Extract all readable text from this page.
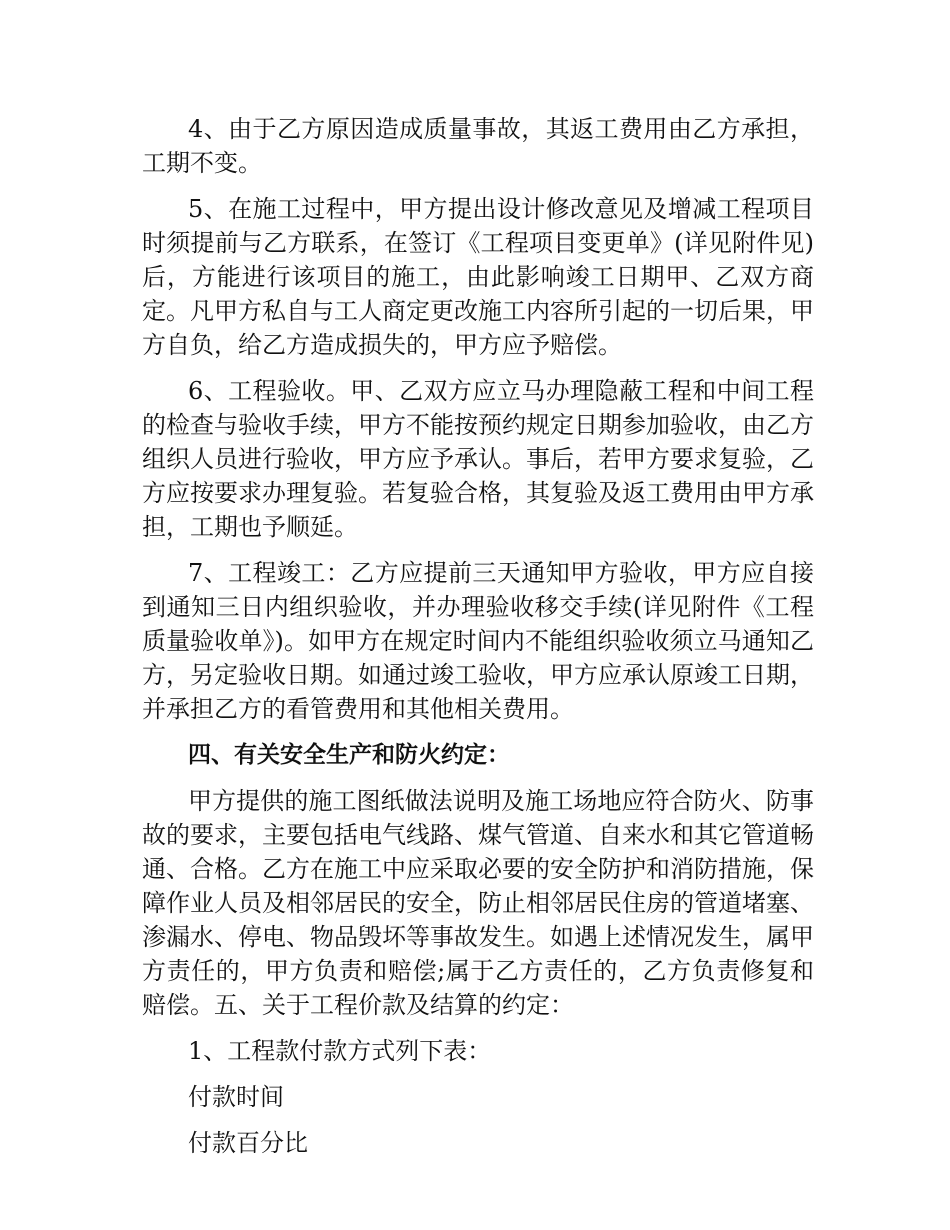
4、由于乙方原因造成质量事故，其返工费用由乙方承担，工期不变。

5、在施工过程中，甲方提出设计修改意见及增减工程项目时须提前与乙方联系，在签订《工程项目变更单》(详见附件见)后，方能进行该项目的施工，由此影响竣工日期甲、乙双方商定。凡甲方私自与工人商定更改施工内容所引起的一切后果，甲方自负，给乙方造成损失的，甲方应予赔偿。

6、工程验收。甲、乙双方应立马办理隐蔽工程和中间工程的检查与验收手续，甲方不能按预约规定日期参加验收，由乙方组织人员进行验收，甲方应予承认。事后，若甲方要求复验，乙方应按要求办理复验。若复验合格，其复验及返工费用由甲方承担，工期也予顺延。

7、工程竣工：乙方应提前三天通知甲方验收，甲方应自接到通知三日内组织验收，并办理验收移交手续(详见附件《工程质量验收单》)。如甲方在规定时间内不能组织验收须立马通知乙方，另定验收日期。如通过竣工验收，甲方应承认原竣工日期，并承担乙方的看管费用和其他相关费用。

四、有关安全生产和防火约定：

甲方提供的施工图纸做法说明及施工场地应符合防火、防事故的要求，主要包括电气线路、煤气管道、自来水和其它管道畅通、合格。乙方在施工中应采取必要的安全防护和消防措施，保障作业人员及相邻居民的安全，防止相邻居民住房的管道堵塞、渗漏水、停电、物品毁坏等事故发生。如遇上述情况发生，属甲方责任的，甲方负责和赔偿;属于乙方责任的，乙方负责修复和赔偿。五、关于工程价款及结算的约定：

1、工程款付款方式列下表：

付款时间

付款百分比
